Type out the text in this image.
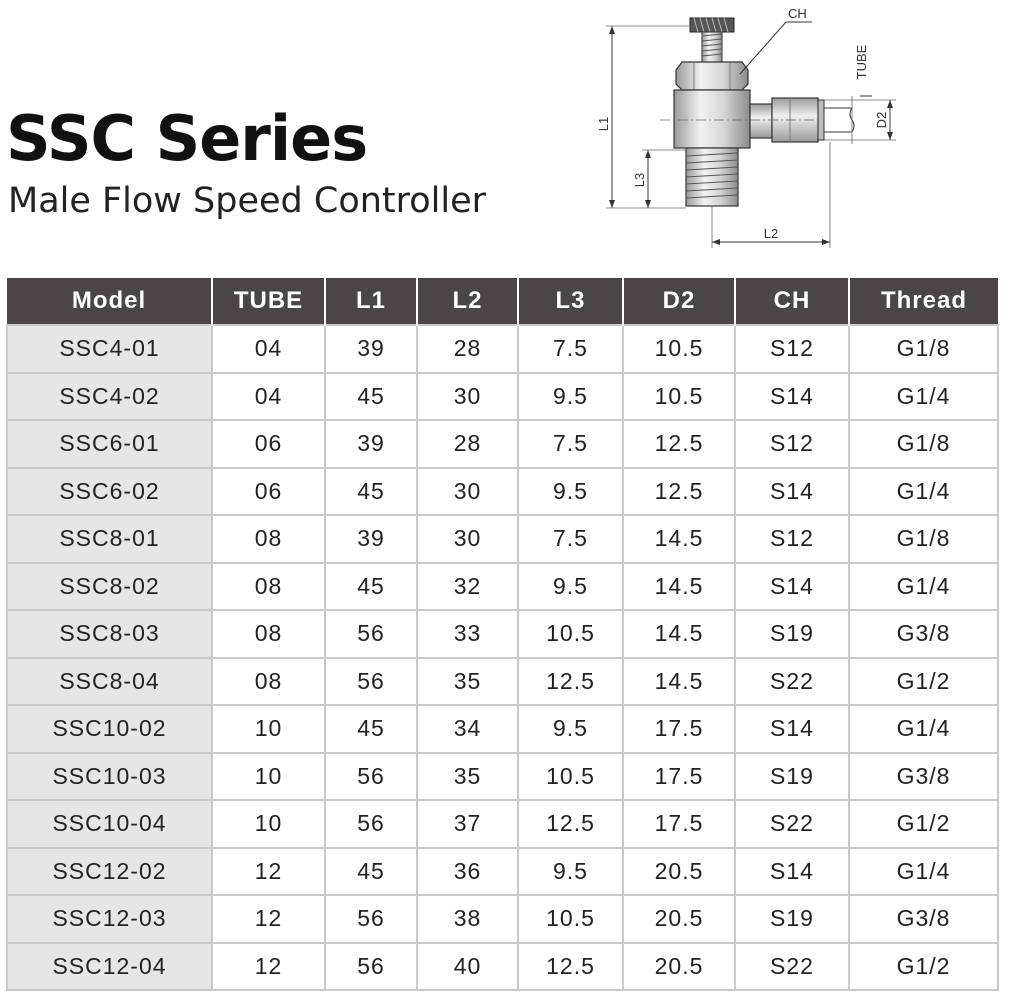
SSC Series
Male Flow Speed Controller
L1
L3
L2
CH
TUBE
D2
Model	TUBE	L1	L2	L3	D2	CH	Thread
SSC4-01	04	39	28	7.5	10.5	S12	G1/8
SSC4-02	04	45	30	9.5	10.5	S14	G1/4
SSC6-01	06	39	28	7.5	12.5	S12	G1/8
SSC6-02	06	45	30	9.5	12.5	S14	G1/4
SSC8-01	08	39	30	7.5	14.5	S12	G1/8
SSC8-02	08	45	32	9.5	14.5	S14	G1/4
SSC8-03	08	56	33	10.5	14.5	S19	G3/8
SSC8-04	08	56	35	12.5	14.5	S22	G1/2
SSC10-02	10	45	34	9.5	17.5	S14	G1/4
SSC10-03	10	56	35	10.5	17.5	S19	G3/8
SSC10-04	10	56	37	12.5	17.5	S22	G1/2
SSC12-02	12	45	36	9.5	20.5	S14	G1/4
SSC12-03	12	56	38	10.5	20.5	S19	G3/8
SSC12-04	12	56	40	12.5	20.5	S22	G1/2
